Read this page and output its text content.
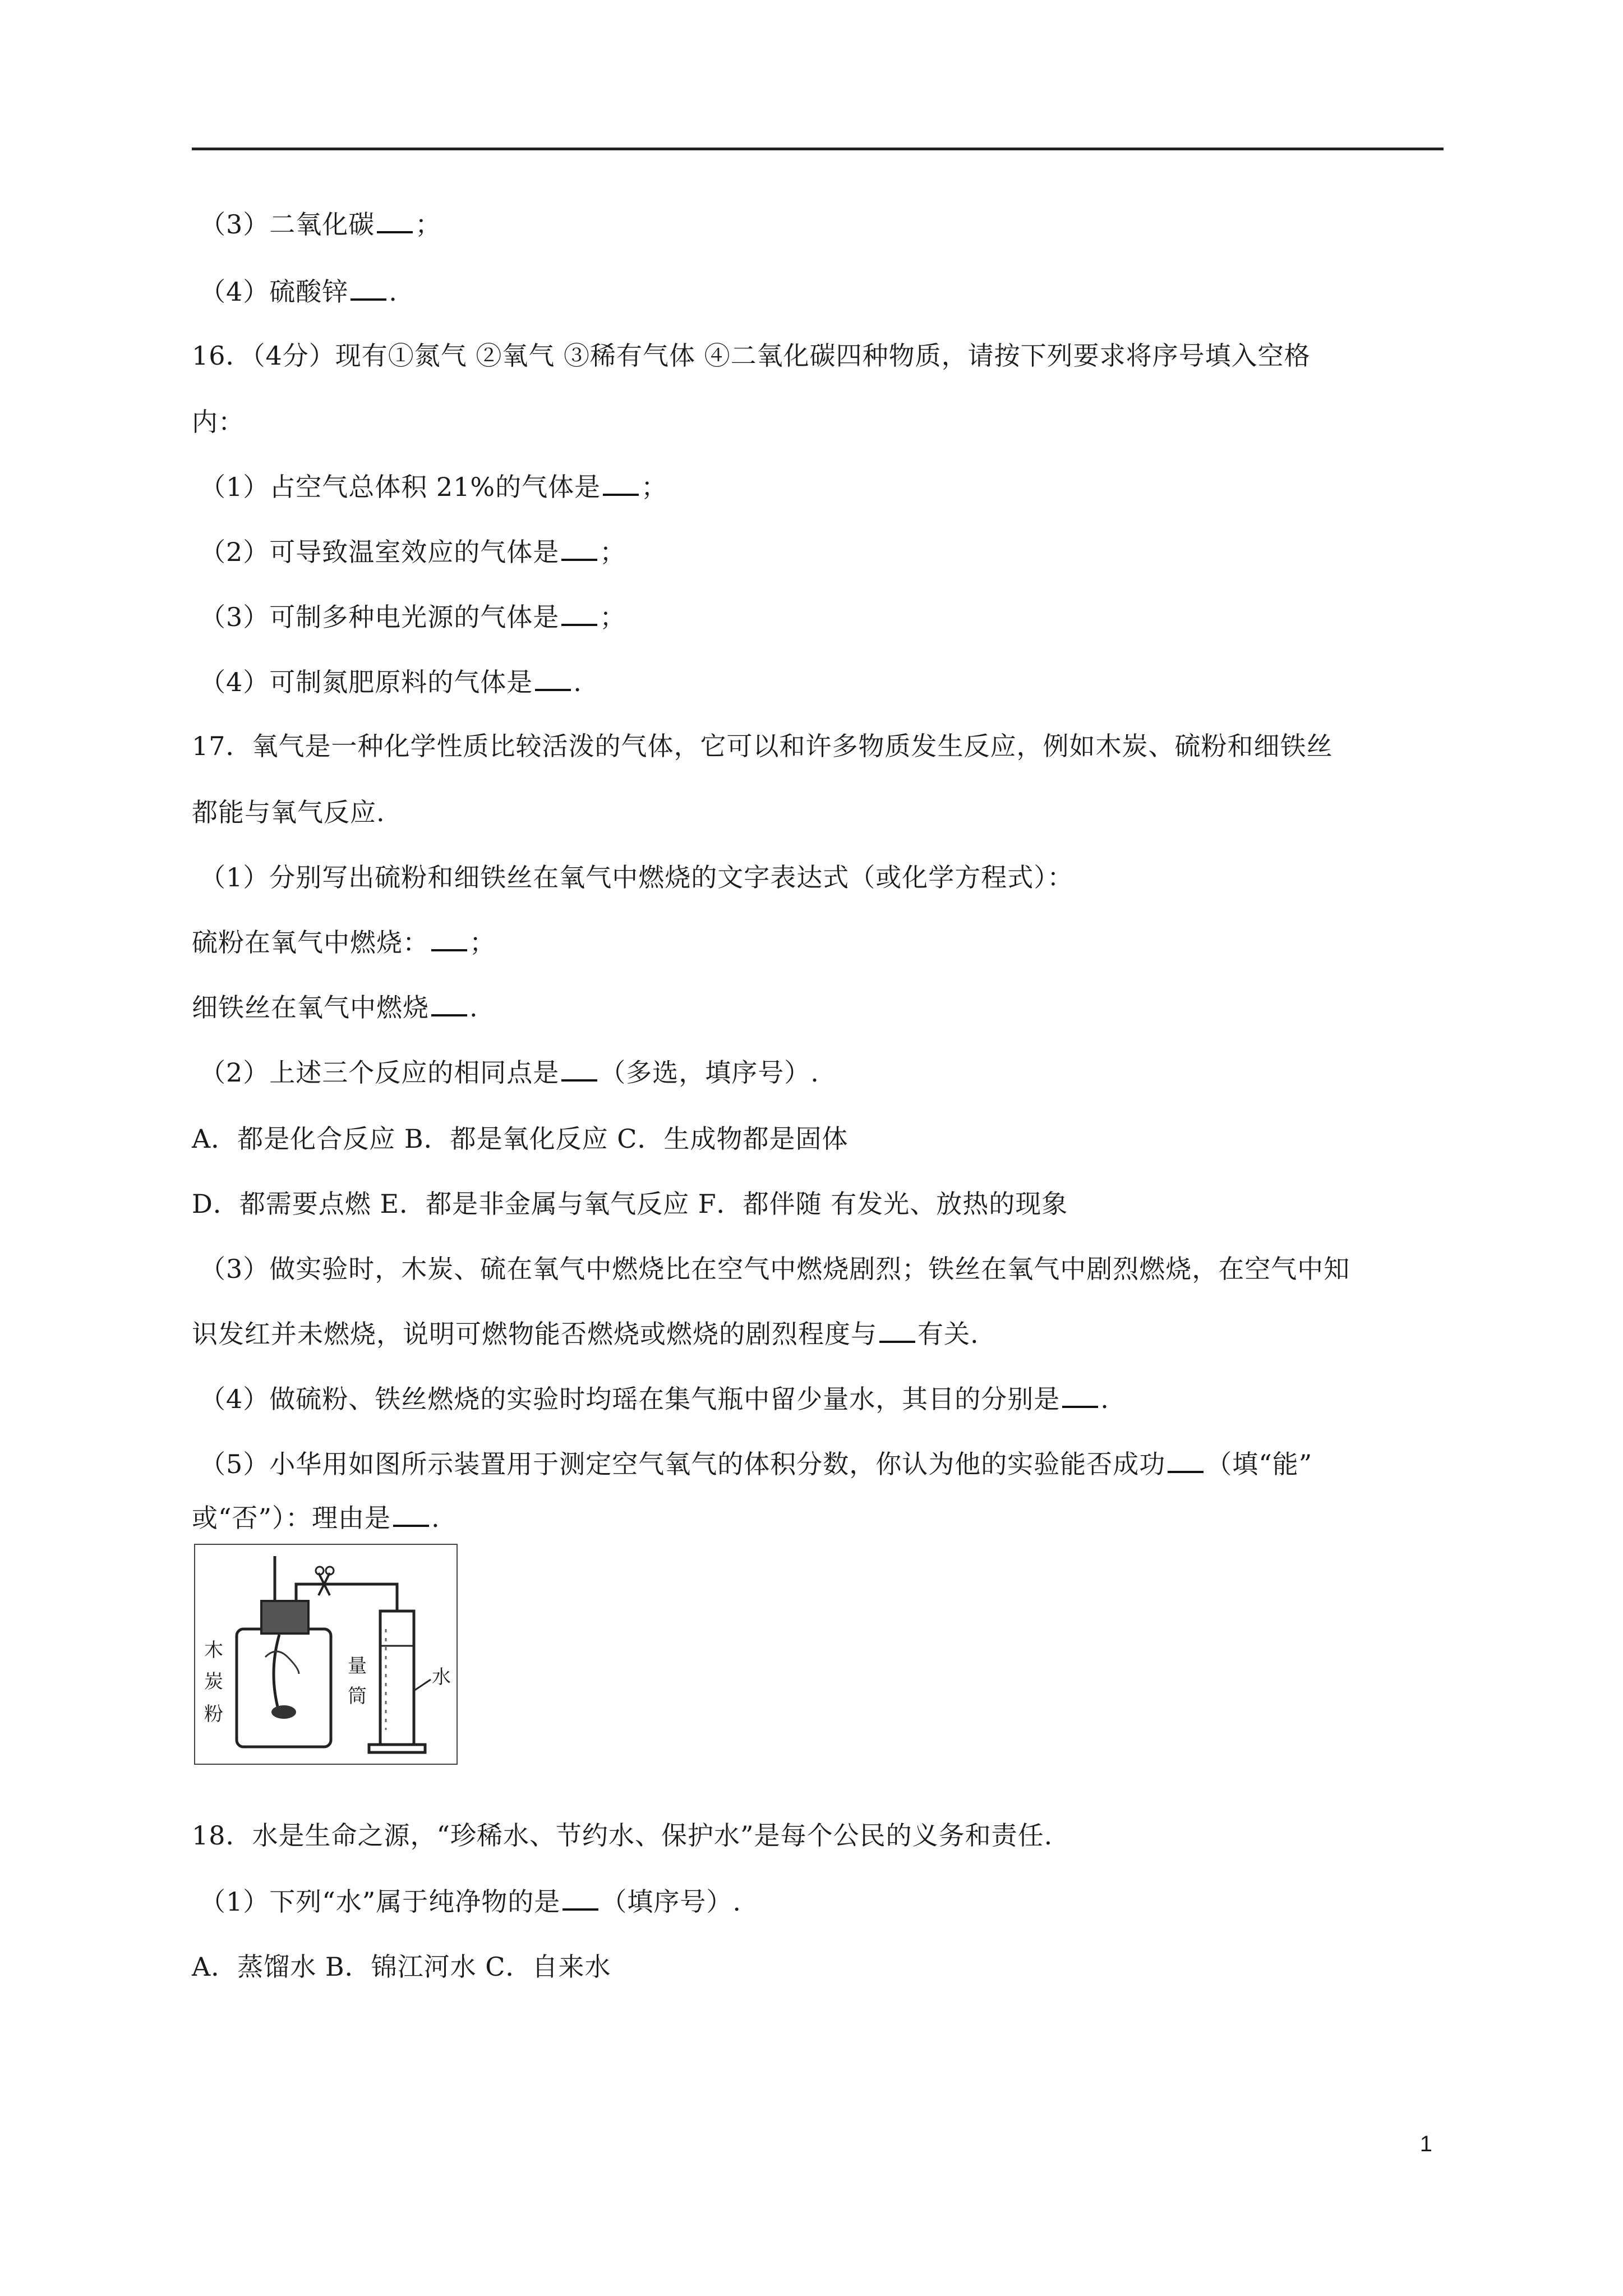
（3）二氧化碳 ；
（4）硫酸锌 .
16．（4分）现有①氮气 ②氧气 ③稀有气体 ④二氧化碳四种物质，请按下列要求将序号填入空格
内：
（1）占空气总体积 21%的气体是 ；
（2）可导致温室效应的气体是 ；
（3）可制多种电光源的气体是 ；
（4）可制氮肥原料的气体是 .
17．氧气是一种化学性质比较活泼的气体，它可以和许多物质发生反应，例如木炭、硫粉和细铁丝
都能与氧气反应.
（1）分别写出硫粉和细铁丝在氧气中燃烧的文字表达式（或化学方程式）：
硫粉在氧气中燃烧： ；
细铁丝在氧气中燃烧 .
（2）上述三个反应的相同点是 （多选，填序号）.
A．都是化合反应 B．都是氧化反应 C．生成物都是固体
D．都需要点燃 E．都是非金属与氧气反应 F．都伴随 有发光、放热的现象
（3）做实验时，木炭、硫在氧气中燃烧比在空气中燃烧剧烈；铁丝在氧气中剧烈燃烧，在空气中知
识发红并未燃烧，说明可燃物能否燃烧或燃烧的剧烈程度与 有关.
（4）做硫粉、铁丝燃烧的实验时均瑶在集气瓶中留少量水，其目的分别是 .
（5）小华用如图所示装置用于测定空气氧气的体积分数，你认为他的实验能否成功 （填“能”
或“否”）：理由是 .
木
炭
粉
量
筒
水
18．水是生命之源，“珍稀水、节约水、保护水”是每个公民的义务和责任.
（1）下列“水”属于纯净物的是 （填序号）.
A．蒸馏水 B．锦江河水 C．自来水
1
